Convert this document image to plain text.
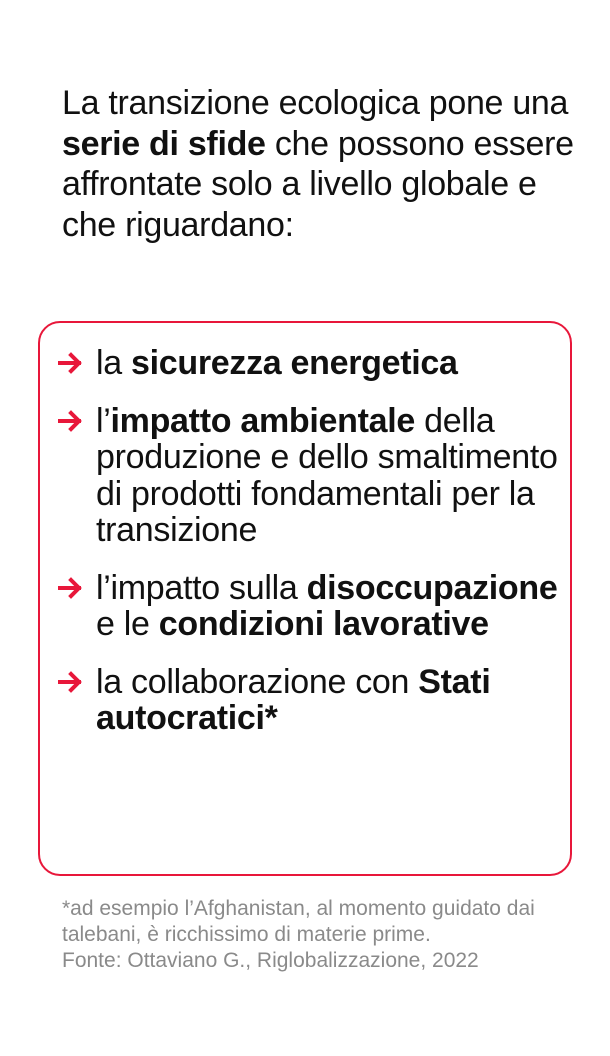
La transizione ecologica pone una serie di sfide che possono essere affrontate solo a livello globale e che riguardano:

la sicurezza energetica
l’impatto ambientale della produzione e dello smaltimento di prodotti fondamentali per la transizione
l’impatto sulla disoccupazione e le condizioni lavorative
la collaborazione con Stati autocratici*
*ad esempio l’Afghanistan, al momento guidato dai talebani, è ricchissimo di materie prime.
Fonte: Ottaviano G., Riglobalizzazione, 2022
